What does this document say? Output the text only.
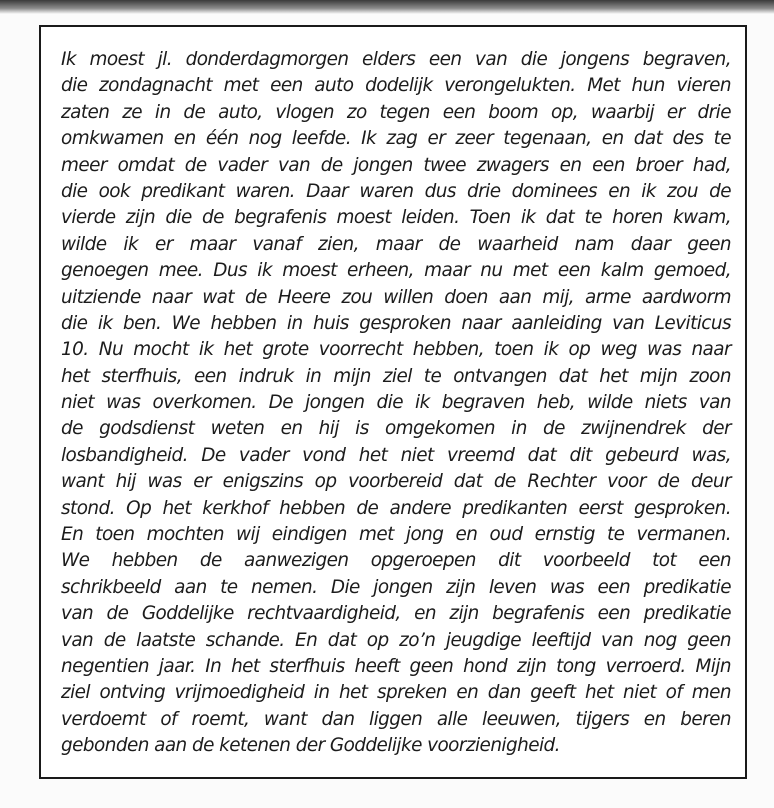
Ik moest jl. donderdagmorgen elders een van die jongens begraven,
die zondagnacht met een auto dodelijk verongelukten. Met hun vieren
zaten ze in de auto, vlogen zo tegen een boom op, waarbij er drie
omkwamen en één nog leefde. Ik zag er zeer tegenaan, en dat des te
meer omdat de vader van de jongen twee zwagers en een broer had,
die ook predikant waren. Daar waren dus drie dominees en ik zou de
vierde zijn die de begrafenis moest leiden. Toen ik dat te horen kwam,
wilde ik er maar vanaf zien, maar de waarheid nam daar geen
genoegen mee. Dus ik moest erheen, maar nu met een kalm gemoed,
uitziende naar wat de Heere zou willen doen aan mij, arme aardworm
die ik ben. We hebben in huis gesproken naar aanleiding van Leviticus
10. Nu mocht ik het grote voorrecht hebben, toen ik op weg was naar
het sterfhuis, een indruk in mijn ziel te ontvangen dat het mijn zoon
niet was overkomen. De jongen die ik begraven heb, wilde niets van
de godsdienst weten en hij is omgekomen in de zwijnendrek der
losbandigheid. De vader vond het niet vreemd dat dit gebeurd was,
want hij was er enigszins op voorbereid dat de Rechter voor de deur
stond. Op het kerkhof hebben de andere predikanten eerst gesproken.
En toen mochten wij eindigen met jong en oud ernstig te vermanen.
We hebben de aanwezigen opgeroepen dit voorbeeld tot een
schrikbeeld aan te nemen. Die jongen zijn leven was een predikatie
van de Goddelijke rechtvaardigheid, en zijn begrafenis een predikatie
van de laatste schande. En dat op zo’n jeugdige leeftijd van nog geen
negentien jaar. In het sterfhuis heeft geen hond zijn tong verroerd. Mijn
ziel ontving vrijmoedigheid in het spreken en dan geeft het niet of men
verdoemt of roemt, want dan liggen alle leeuwen, tijgers en beren
gebonden aan de ketenen der Goddelijke voorzienigheid.
